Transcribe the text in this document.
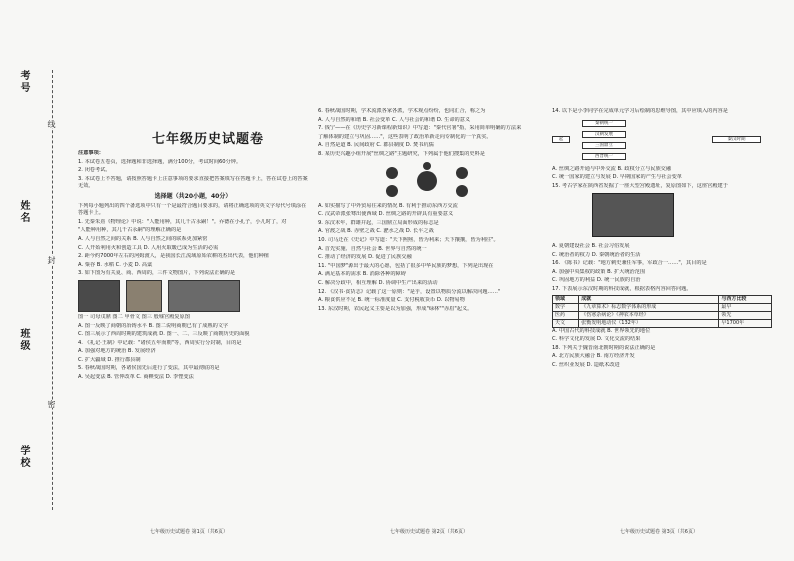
考号
姓名
班级
学校
线
封
密
七年级历史试题卷

注意事项：

1. 本试卷五卷页，选择题和非选择题，满分100分，考试时间60分钟。

2. 闭卷考试。

3. 本试卷上不答题，请按照答题卡上注意事项的要求直接把答案填写在答题卡上，答在试卷上的答案无效。

选择题（共20小题，40分）

下列每小题列出的四个备选项中只有一个是最符合题目要求的，请将正确选项的英文字母代号填涂在答题卡上。

1. 先秦朱熹《物理论》中说："人能用种，其几千古永嗣！"。乔德在小孔子，小儿时了，对

"人能种用种，其几千古永嗣"的理解正确的是

A. 人与自然之间的关系 B. 人与自然之间的联系更加紧密

C. 人开始利用火和创造工具 D. 人用火取暖已成为生活的必需

2. 距今约7000年左右的河姆渡人，是我国长江流域原始农耕的杰出代表，他们种植

A. 粟谷 B. 水稻 C. 小麦 D. 高粱

3. 如下图为有关夏、商、西周的，三件文物图片，下列说法正确的是

图一 司母戊鼎 图二 甲骨文 图三 殷墟宫殿复原图

A. 图一反映了商朝的冶铸水平 B. 图二说明商朝已有了成熟的文字

C. 图三展示了西周时期的建筑成就 D. 图一、二、三反映了商朝历史的面貌

4. 《礼记·王制》中记载："诸侯五年而朝"等，西周实行分封制，目的是

A. 加强对地方的统治 B. 发展经济

C. 扩大疆域 D. 推行郡县制

5. 春秋战国时期，各诸侯国先后进行了变法，其中最彻底的是

A. 吴起变法 B. 管仲改革 C. 商鞅变法 D. 李悝变法

6. 春秋战国时期，学术流派各家各派，学术观点纷纷，也同汇合，称之为

A. 人与自然的和谐 B. 社会变革 C. 人与社会的和谐 D. 生命的意义

7. 钱宁——在《历史学习新课程新知识》中写道："秦代官署"指，采用简单明确的方法来

了解体制的建立与巩固……"，这些表明了政治革新走向专制化的一个真实。

A. 自然是道 B. 民间政府 C. 郡县制度 D. 焚书坑儒

8. 某历史兴趣小组开展"丝绸之路"主题研究，下列属于他们搜集的史料是

A. 如实描写了中外贸易往来的情况 B. 有利于推动东西方交流

C. 汉武帝派张骞出使西域 D. 丝绸之路的开辟具有重要意义

9. 东汉末年，群雄并起，三国鼎立局面形成的标志是

A. 官渡之战 B. 赤壁之战 C. 淝水之战 D. 长平之战

10. 司马迁在《史记》中写道："天下熙熙，皆为利来；天下攘攘，皆为利往"。

A. 首先实施、自然与社会 B. 世界与自然的统一

C. 推动了经济的发展 D. 促进了民族交融

11. "中国梦"源出于最大的心愿，包括了很多中华民族的梦想，下列是出现在

A. 满足基本的需求 B. 消除各种的障碍

C. 解决分歧中，相互理解 D. 协调中生产出来的活动

12. 《汉书·食货志》记载了这一原则："是乎，设置以物质分流以解决问题……"

A. 粮食供应不足 B. 统一标准度量 C. 支付税收货币 D. 以物易物

13. 东汉时期，农民起义主要是以为加强，形成"绿林""赤眉"起义。

14. 以下是小李同学在完成单元学习后绘制的思维导图，其中应填入的内容是

起
秦朝统一
汉朝发展
三国鼎立
西晋统一
秦汉时期

A. 丝绸之路开通与中外交流 B. 政权分立与民族交融

C. 统一国家的建立与发展 D. 早期国家的产生与社会变革

15. 考古学家在陕西省发掘了一座大型宫殿遗址，复原图如下，这座宫殿建于

A. 夏朝建设社会 B. 社会习俗发展

C. 统治者的权力 D. 秦朝统治者的生活

16. 《陈书》记载："地方刺史兼任军事，军政合一……"，其目的是

A. 加强中央集权的政策 B. 扩大统治范围

C. 巩固地方的利益 D. 统一民族的自治

17. 下表展示东汉时期的科技成就，根据表格内容回答问题。

领域	成就	与西方比较
数学	《九章算术》标志数学体系的形成	最早
医药	《伤寒杂病论》《神农本草经》	领先
天文	张衡发明地动仪（132年）	早1700年

A. 中国古代的科技成就 B. 世界领先的地位

C. 科学文化的发展 D. 文化交流的结果

18. 下列关于魏晋南北朝时期的说法正确的是

A. 北方民族大融合 B. 南方经济开发

C. 丝织业发展 D. 造纸术改进

七年级历史试题卷 第1页（共6页）	七年级历史试题卷 第2页（共6页）	七年级历史试题卷 第3页（共6页）
